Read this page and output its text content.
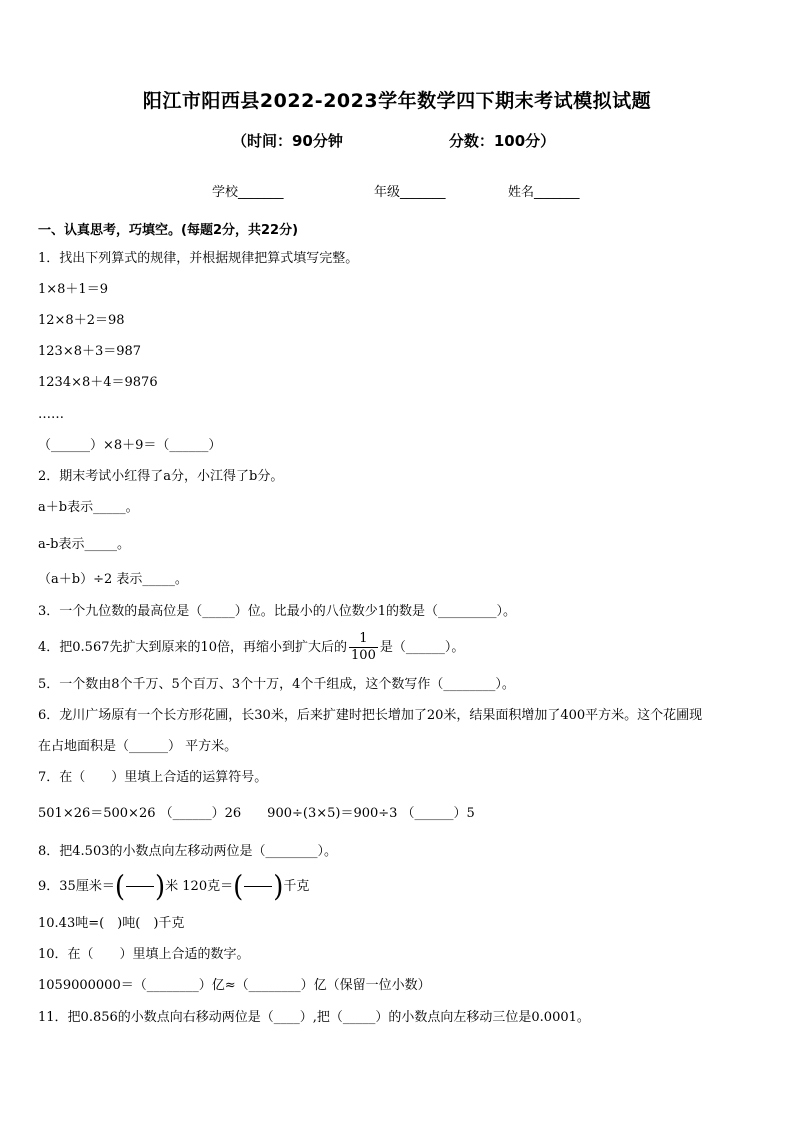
阳江市阳西县2022-2023学年数学四下期末考试模拟试题
（时间：90分钟	分数：100分）
学校_______	年级_______	姓名_______
一、认真思考，巧填空。(每题2分，共22分)
1．找出下列算式的规律，并根据规律把算式填写完整。
1×8＋1＝9
12×8＋2＝98
123×8＋3＝987
1234×8＋4＝9876
……
（______）×8＋9＝（______）
2．期末考试小红得了a分，小江得了b分。
a＋b表示_____。
a-b表示_____。
（a＋b）÷2 表示_____。
3．一个九位数的最高位是（_____）位。比最小的八位数少1的数是（_________）。
4．把0.567先扩大到原来的10倍，再缩小到扩大后的 $\frac{1}{100}$ 是（______）。
5．一个数由8个千万、5个百万、3个十万，4个千组成，这个数写作（________）。
6．龙川广场原有一个长方形花圃，长30米，后来扩建时把长增加了20米，结果面积增加了400平方米。这个花圃现
在占地面积是（______） 平方米。
7．在（　　）里填上合适的运算符号。
501×26＝500×26 （______）26　　900÷(3×5)＝900÷3 （______）5
8．把4.503的小数点向左移动两位是（________）。
9．35厘米＝( )米 120克＝( )千克
10.43吨=(　)吨(　)千克
10．在（　　）里填上合适的数字。
1059000000＝（________）亿≈（________）亿（保留一位小数）
11．把0.856的小数点向右移动两位是（____）,把（_____）的小数点向左移动三位是0.0001。
